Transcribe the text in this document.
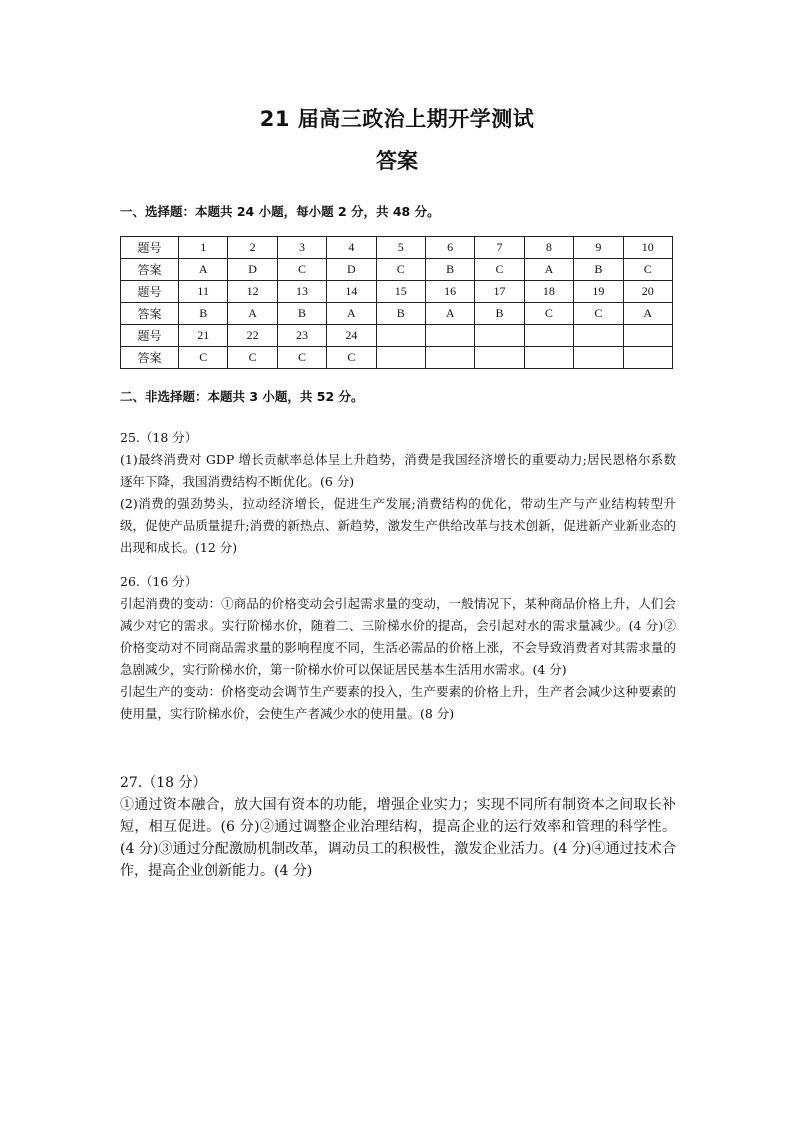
21 届高三政治上期开学测试
答案
一、选择题：本题共 24 小题，每小题 2 分，共 48 分。
题号	1	2	3	4	5	6	7	8	9	10
答案	A	D	C	D	C	B	C	A	B	C
题号	11	12	13	14	15	16	17	18	19	20
答案	B	A	B	A	B	A	B	C	C	A
题号	21	22	23	24						
答案	C	C	C	C						
二、非选择题：本题共 3 小题，共 52 分。
25.（18 分）

(1)最终消费对 GDP 增长贡献率总体呈上升趋势，消费是我国经济增长的重要动力;居民恩格尔系数逐年下降，我国消费结构不断优化。(6 分)

(2)消费的强劲势头，拉动经济增长，促进生产发展;消费结构的优化，带动生产与产业结构转型升级，促使产品质量提升;消费的新热点、新趋势，激发生产供给改革与技术创新，促进新产业新业态的出现和成长。(12 分)

26.（16 分）

引起消费的变动：①商品的价格变动会引起需求量的变动，一般情况下，某种商品价格上升，人们会减少对它的需求。实行阶梯水价，随着二、三阶梯水价的提高，会引起对水的需求量减少。(4 分)②价格变动对不同商品需求量的影响程度不同，生活必需品的价格上涨，不会导致消费者对其需求量的急剧减少，实行阶梯水价，第一阶梯水价可以保证居民基本生活用水需求。(4 分)

引起生产的变动：价格变动会调节生产要素的投入，生产要素的价格上升，生产者会减少这种要素的使用量，实行阶梯水价，会使生产者减少水的使用量。(8 分)

27.（18 分）

①通过资本融合，放大国有资本的功能，增强企业实力；实现不同所有制资本之间取长补短，相互促进。(6 分)②通过调整企业治理结构，提高企业的运行效率和管理的科学性。(4 分)③通过分配激励机制改革，调动员工的积极性，激发企业活力。(4 分)④通过技术合作，提高企业创新能力。(4 分)
